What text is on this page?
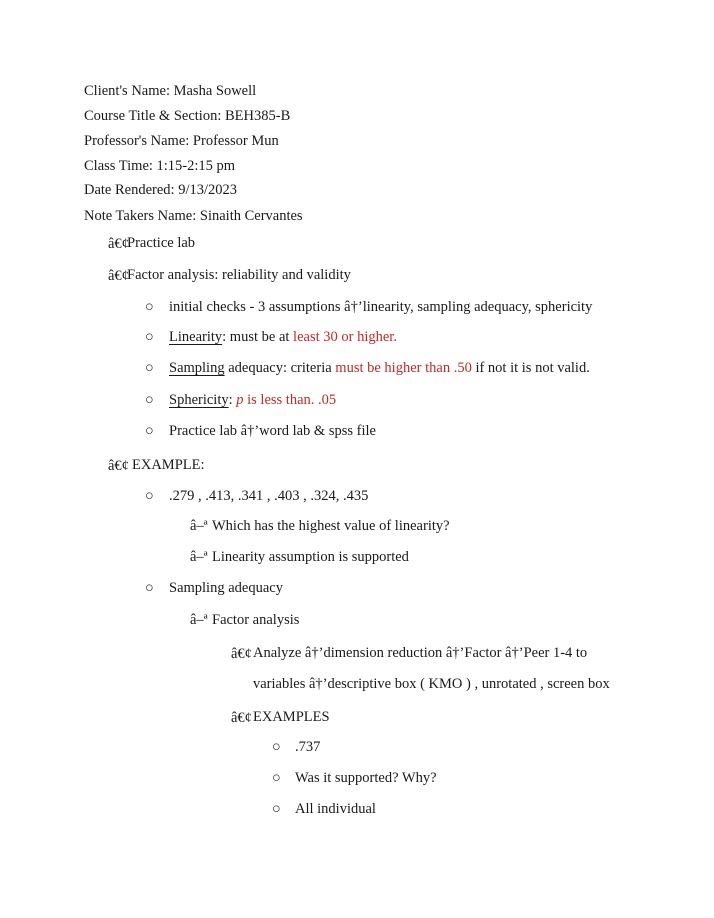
Client's Name: Masha Sowell
Course Title & Section: BEH385-B
Professor's Name: Professor Mun
Class Time: 1:15-2:15 pm
Date Rendered: 9/13/2023
Note Takers Name: Sinaith Cervantes
â€¢
Practice lab
â€¢
Factor analysis: reliability and validity
○ initial checks - 3 assumptions â†’linearity, sampling adequacy, sphericity
○ Linearity: must be at least 30 or higher.
○ Sampling adequacy: criteria must be higher than .50 if not it is not valid.
○ Sphericity: p is less than. .05
○ Practice lab â†’word lab & spss file
â€¢ EXAMPLE:
○ .279 , .413, .341 , .403 , .324, .435
â–ª Which has the highest value of linearity?
â–ª Linearity assumption is supported
○ Sampling adequacy
â–ª Factor analysis
â€¢ Analyze â†’dimension reduction â†’Factor â†’Peer 1-4 to
variables â†’descriptive box ( KMO ) , unrotated , screen box
â€¢ EXAMPLES
○ .737
○ Was it supported? Why?
○ All individual
